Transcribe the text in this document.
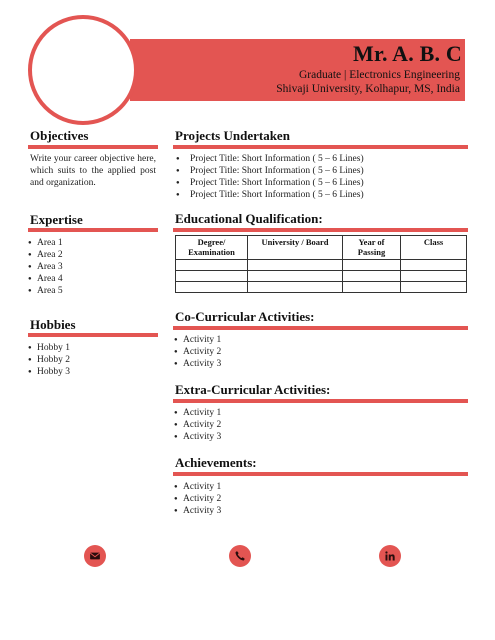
Mr. A. B. C
Graduate | Electronics Engineering
Shivaji University, Kolhapur, MS, India
Objectives
Write your career objective here, which suits to the applied post and organization.
Expertise
● Area 1
● Area 2
● Area 3
● Area 4
● Area 5
Hobbies
● Hobby 1
● Hobby 2
● Hobby 3
Projects Undertaken
● Project Title: Short Information ( 5 – 6 Lines)
● Project Title: Short Information ( 5 – 6 Lines)
● Project Title: Short Information ( 5 – 6 Lines)
● Project Title: Short Information ( 5 – 6 Lines)
Educational Qualification:
Degree/ Examination	University / Board	Year of Passing	Class

Co-Curricular Activities:
● Activity 1
● Activity 2
● Activity 3
Extra-Curricular Activities:
● Activity 1
● Activity 2
● Activity 3
Achievements:
● Activity 1
● Activity 2
● Activity 3
